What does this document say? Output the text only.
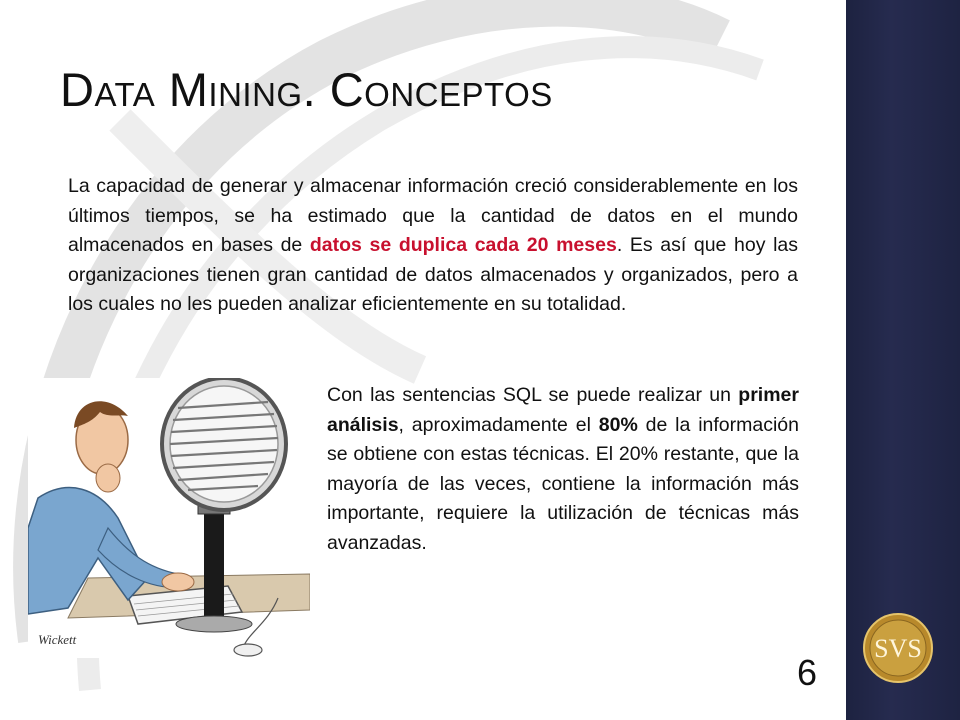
Data Mining. Conceptos

La capacidad de generar y almacenar información creció considerablemente en los últimos tiempos, se ha estimado que la cantidad de datos en el mundo almacenados en bases de datos se duplica cada 20 meses. Es así que hoy las organizaciones tienen gran cantidad de datos almacenados y organizados, pero a los cuales no les pueden analizar eficientemente en su totalidad.

Wickett

Con las sentencias SQL se puede realizar un primer análisis, aproximadamente el 80% de la información se obtiene con estas técnicas. El 20% restante, que la mayoría de las veces, contiene la información más importante, requiere la utilización de técnicas más avanzadas.

6
SVS
